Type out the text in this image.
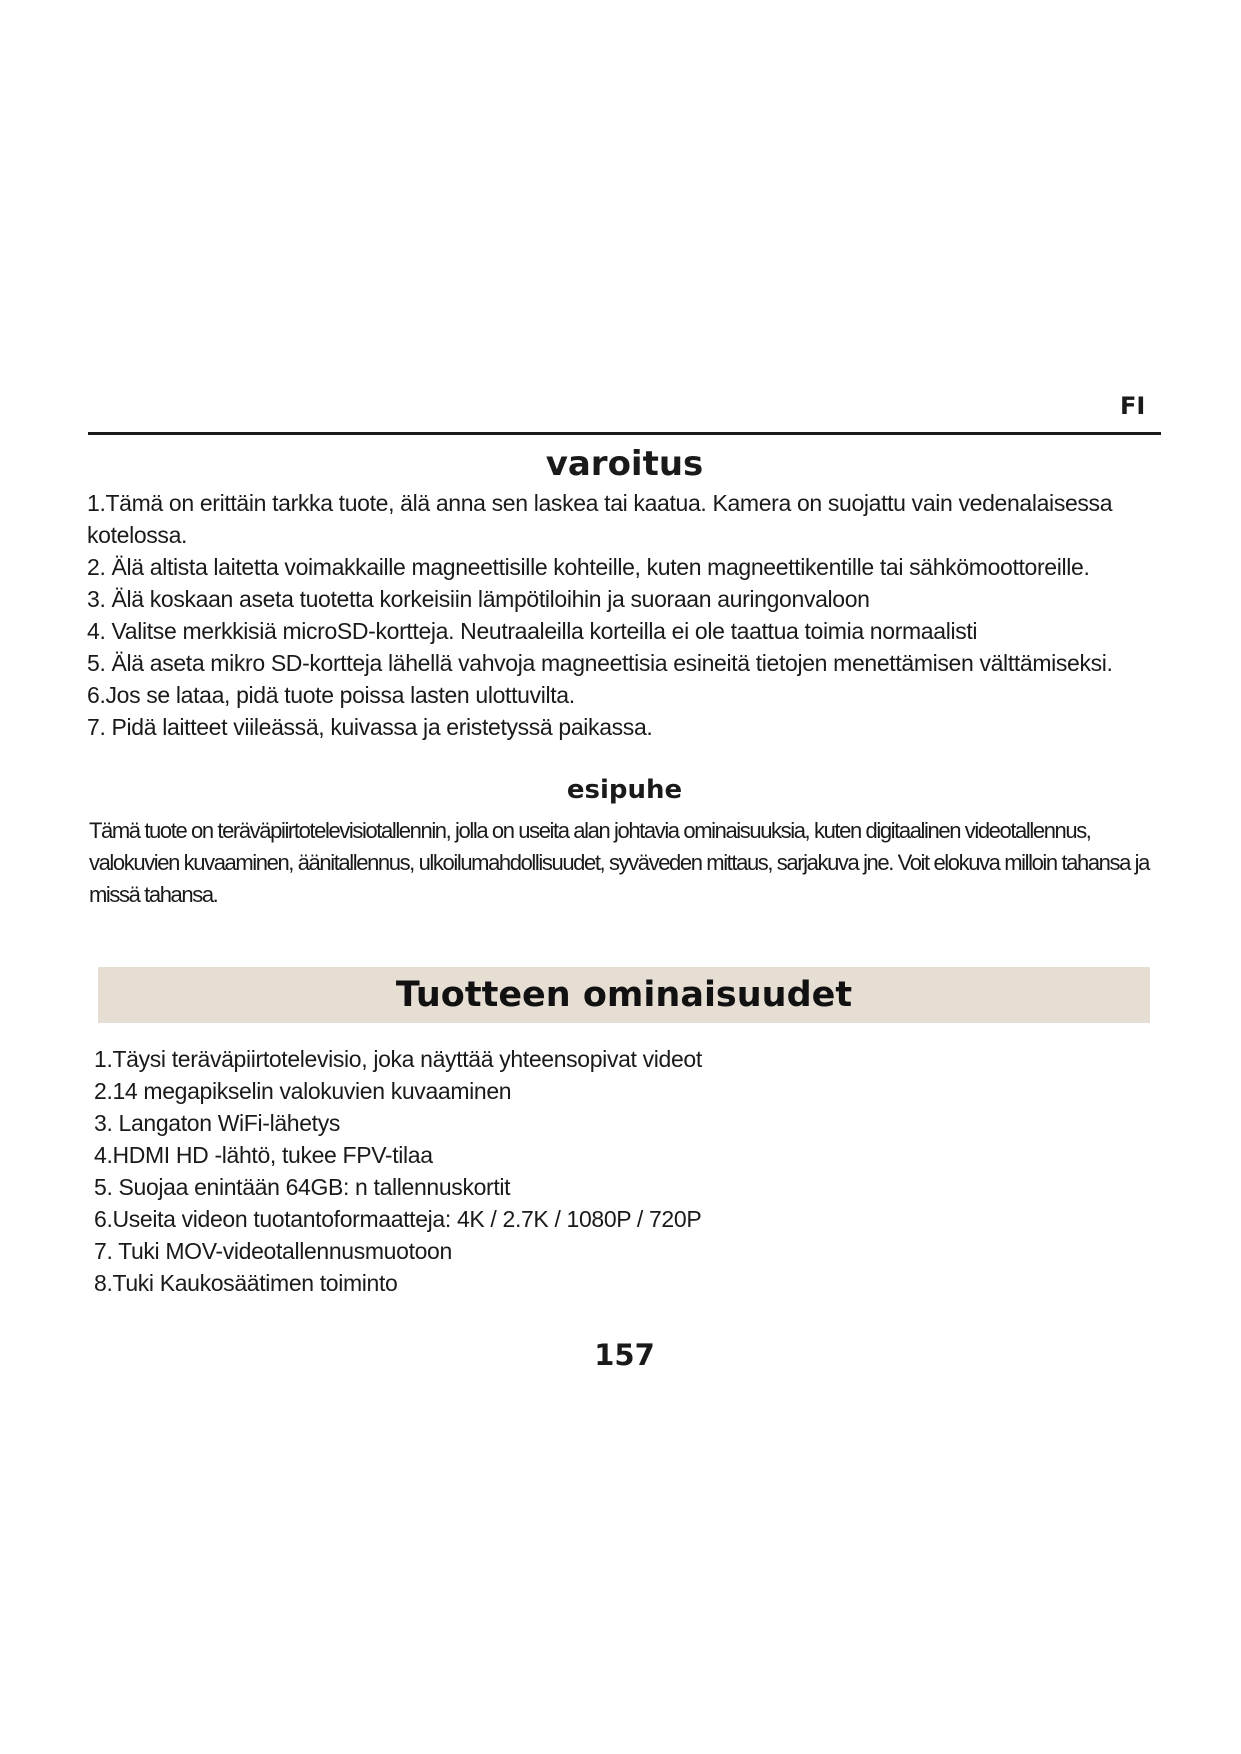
FI
varoitus
1.Tämä on erittäin tarkka tuote, älä anna sen laskea tai kaatua. Kamera on suojattu vain vedenalaisessa kotelossa.
2. Älä altista laitetta voimakkaille magneettisille kohteille, kuten magneettikentille tai sähkömoottoreille.
3. Älä koskaan aseta tuotetta korkeisiin lämpötiloihin ja suoraan auringonvaloon
4. Valitse merkkisiä microSD-kortteja. Neutraaleilla korteilla ei ole taattua toimia normaalisti
5. Älä aseta mikro SD-kortteja lähellä vahvoja magneettisia esineitä tietojen menettämisen välttämiseksi.
6.Jos se lataa, pidä tuote poissa lasten ulottuvilta.
7. Pidä laitteet viileässä, kuivassa ja eristetyssä paikassa.
esipuhe
Tämä tuote on teräväpiirtotelevisiotallennin, jolla on useita alan johtavia ominaisuuksia, kuten digitaalinen videotallennus, valokuvien kuvaaminen, äänitallennus, ulkoilumahdollisuudet, syväveden mittaus, sarjakuva jne. Voit elokuva milloin tahansa ja missä tahansa.
Tuotteen ominaisuudet
1.Täysi teräväpiirtotelevisio, joka näyttää yhteensopivat videot
2.14 megapikselin valokuvien kuvaaminen
3. Langaton WiFi-lähetys
4.HDMI HD -lähtö, tukee FPV-tilaa
5. Suojaa enintään 64GB: n tallennuskortit
6.Useita videon tuotantoformaatteja: 4K / 2.7K / 1080P / 720P
7. Tuki MOV-videotallennusmuotoon
8.Tuki Kaukosäätimen toiminto
157
